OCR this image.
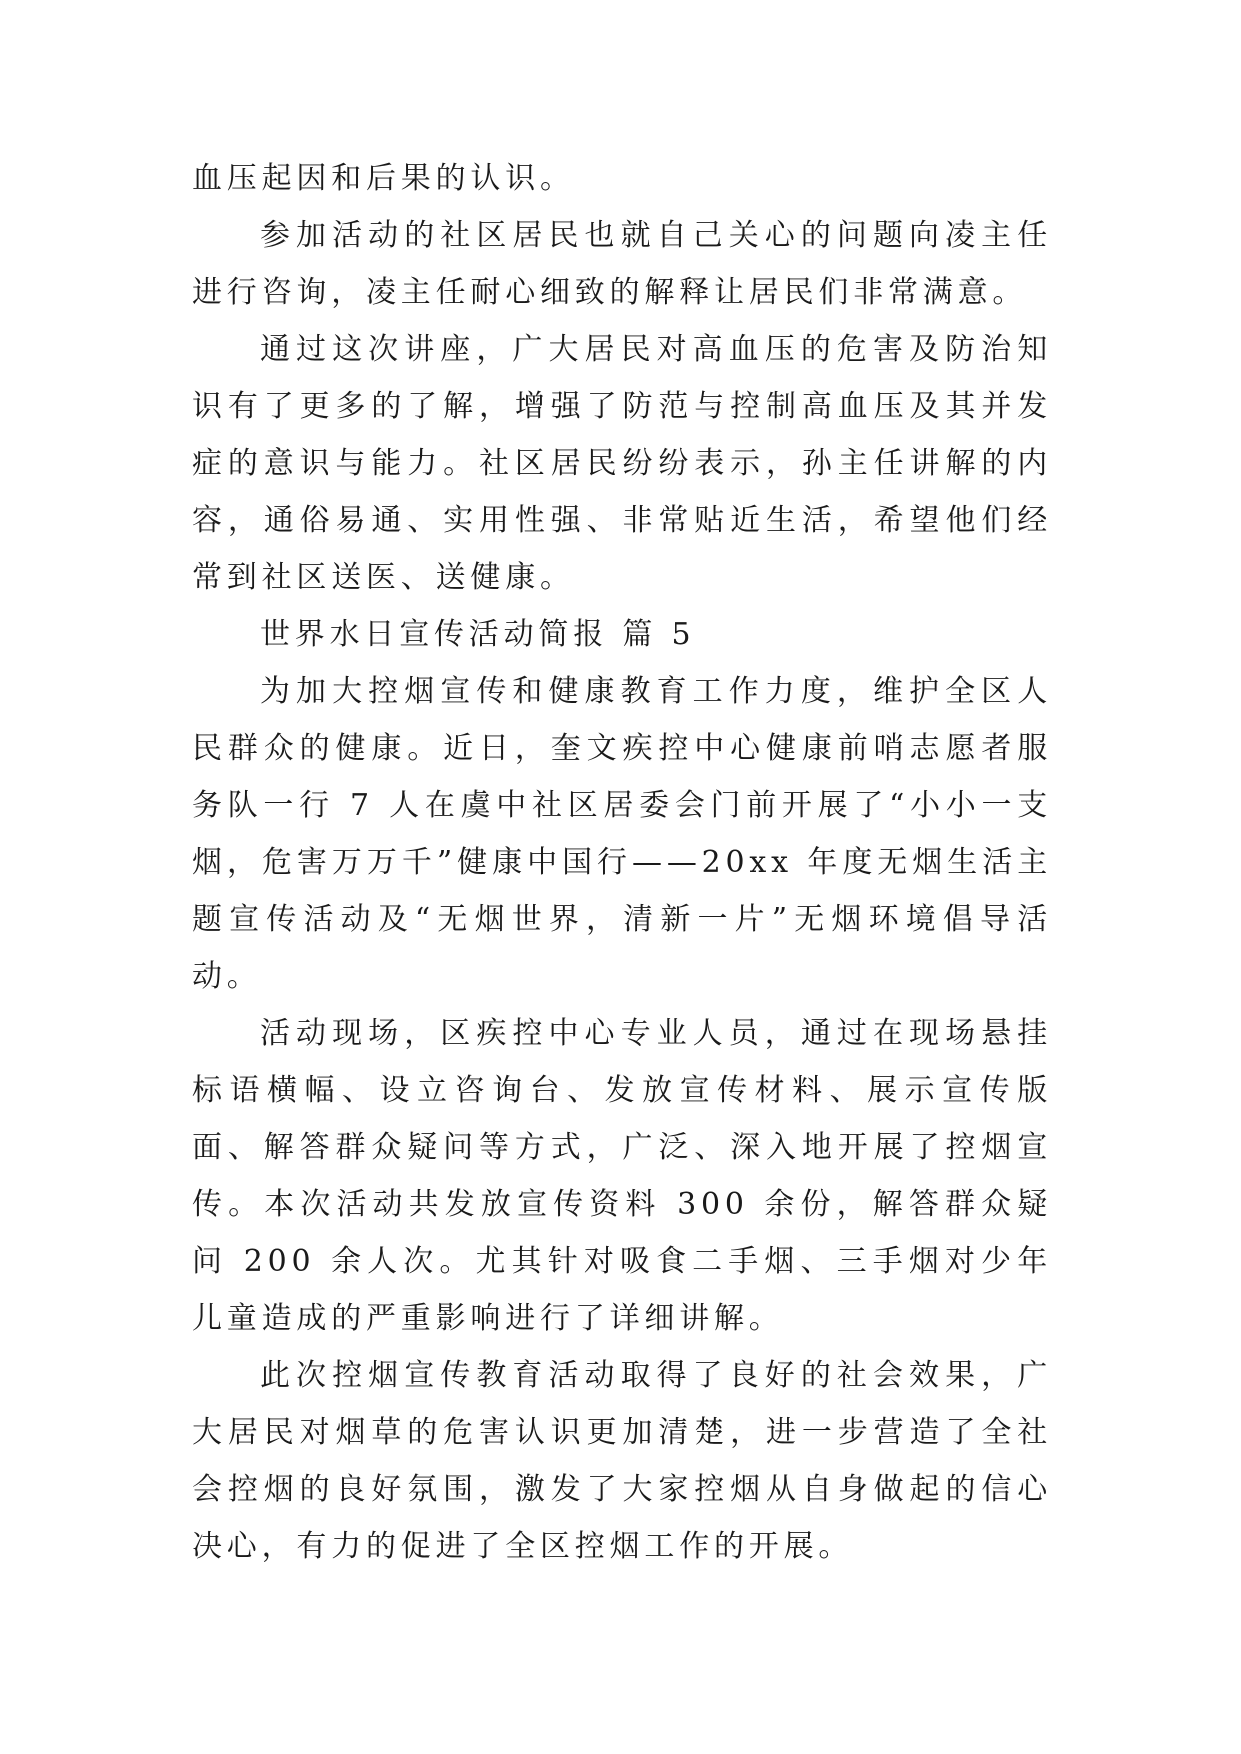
血压起因和后果的认识。

参加活动的社区居民也就自己关心的问题向凌主任进行咨询，凌主任耐心细致的解释让居民们非常满意。

通过这次讲座，广大居民对高血压的危害及防治知识有了更多的了解，增强了防范与控制高血压及其并发症的意识与能力。社区居民纷纷表示，孙主任讲解的内容，通俗易通、实用性强、非常贴近生活，希望他们经常到社区送医、送健康。

世界水日宣传活动简报 篇 5

为加大控烟宣传和健康教育工作力度，维护全区人民群众的健康。近日，奎文疾控中心健康前哨志愿者服务队一行 7 人在虞中社区居委会门前开展了“小小一支烟，危害万万千”健康中国行——20xx 年度无烟生活主题宣传活动及“无烟世界，清新一片”无烟环境倡导活动。

活动现场，区疾控中心专业人员，通过在现场悬挂标语横幅、设立咨询台、发放宣传材料、展示宣传版面、解答群众疑问等方式，广泛、深入地开展了控烟宣传。本次活动共发放宣传资料 300 余份，解答群众疑问 200 余人次。尤其针对吸食二手烟、三手烟对少年儿童造成的严重影响进行了详细讲解。

此次控烟宣传教育活动取得了良好的社会效果，广大居民对烟草的危害认识更加清楚，进一步营造了全社会控烟的良好氛围，激发了大家控烟从自身做起的信心决心，有力的促进了全区控烟工作的开展。
